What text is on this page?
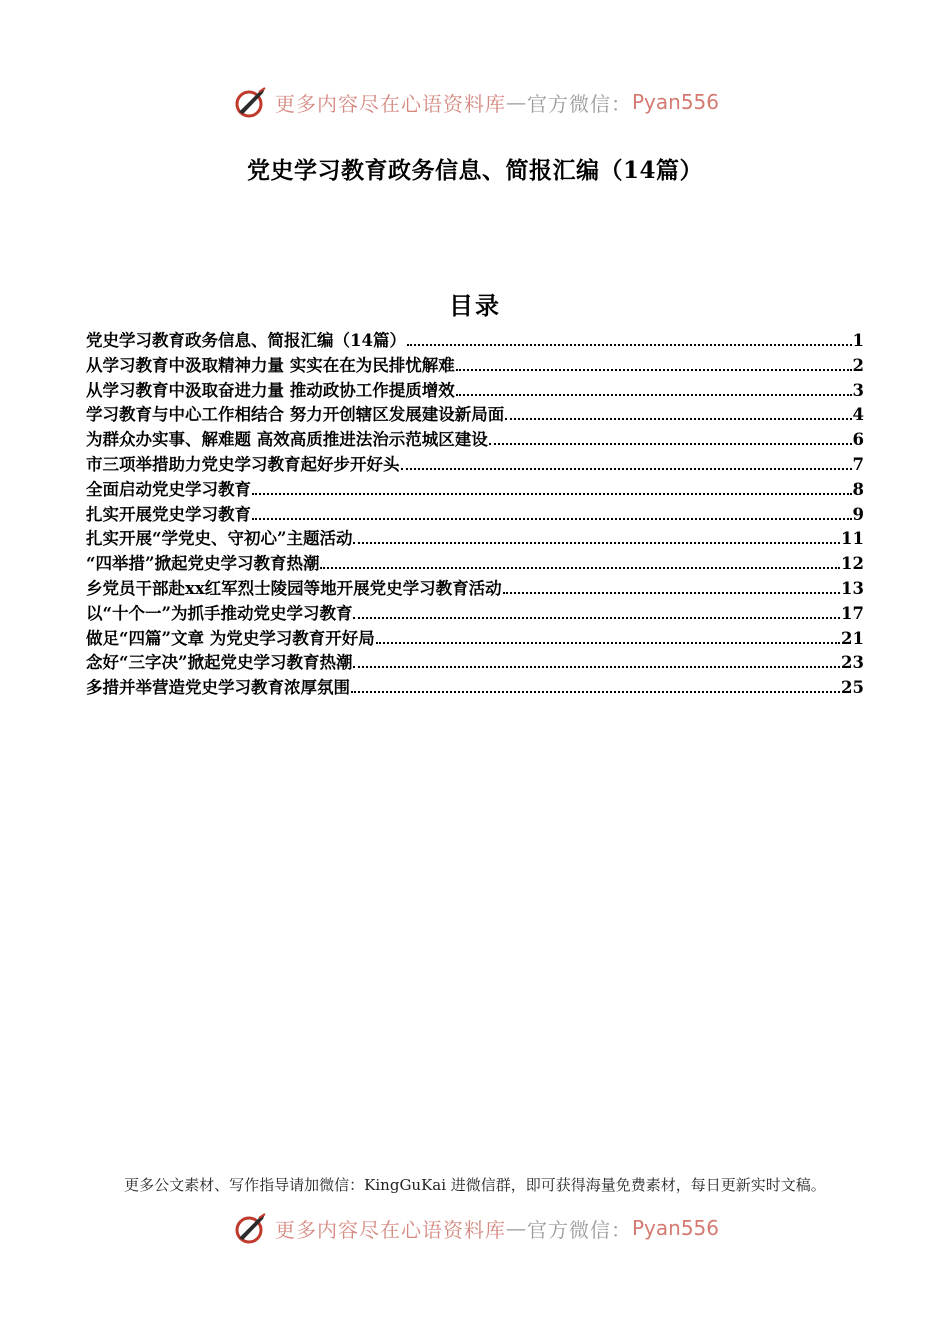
更多内容尽在心语资料库 — 官方微信： Pyan556
党史学习教育政务信息、简报汇编（14篇）
目录
党史学习教育政务信息、简报汇编（14篇）	1
从学习教育中汲取精神力量 实实在在为民排忧解难	2
从学习教育中汲取奋进力量 推动政协工作提质增效	3
学习教育与中心工作相结合 努力开创辖区发展建设新局面	4
为群众办实事、解难题 高效高质推进法治示范城区建设	6
市三项举措助力党史学习教育起好步开好头	7
全面启动党史学习教育	8
扎实开展党史学习教育	9
扎实开展“学党史、守初心”主题活动	11
“四举措”掀起党史学习教育热潮	12
乡党员干部赴xx红军烈士陵园等地开展党史学习教育活动	13
以“十个一”为抓手推动党史学习教育	17
做足“四篇”文章 为党史学习教育开好局	21
念好“三字决”掀起党史学习教育热潮	23
多措并举营造党史学习教育浓厚氛围	25
更多公文素材、写作指导请加微信：KingGuKai 进微信群，即可获得海量免费素材，每日更新实时文稿。
更多内容尽在心语资料库 — 官方微信： Pyan556
